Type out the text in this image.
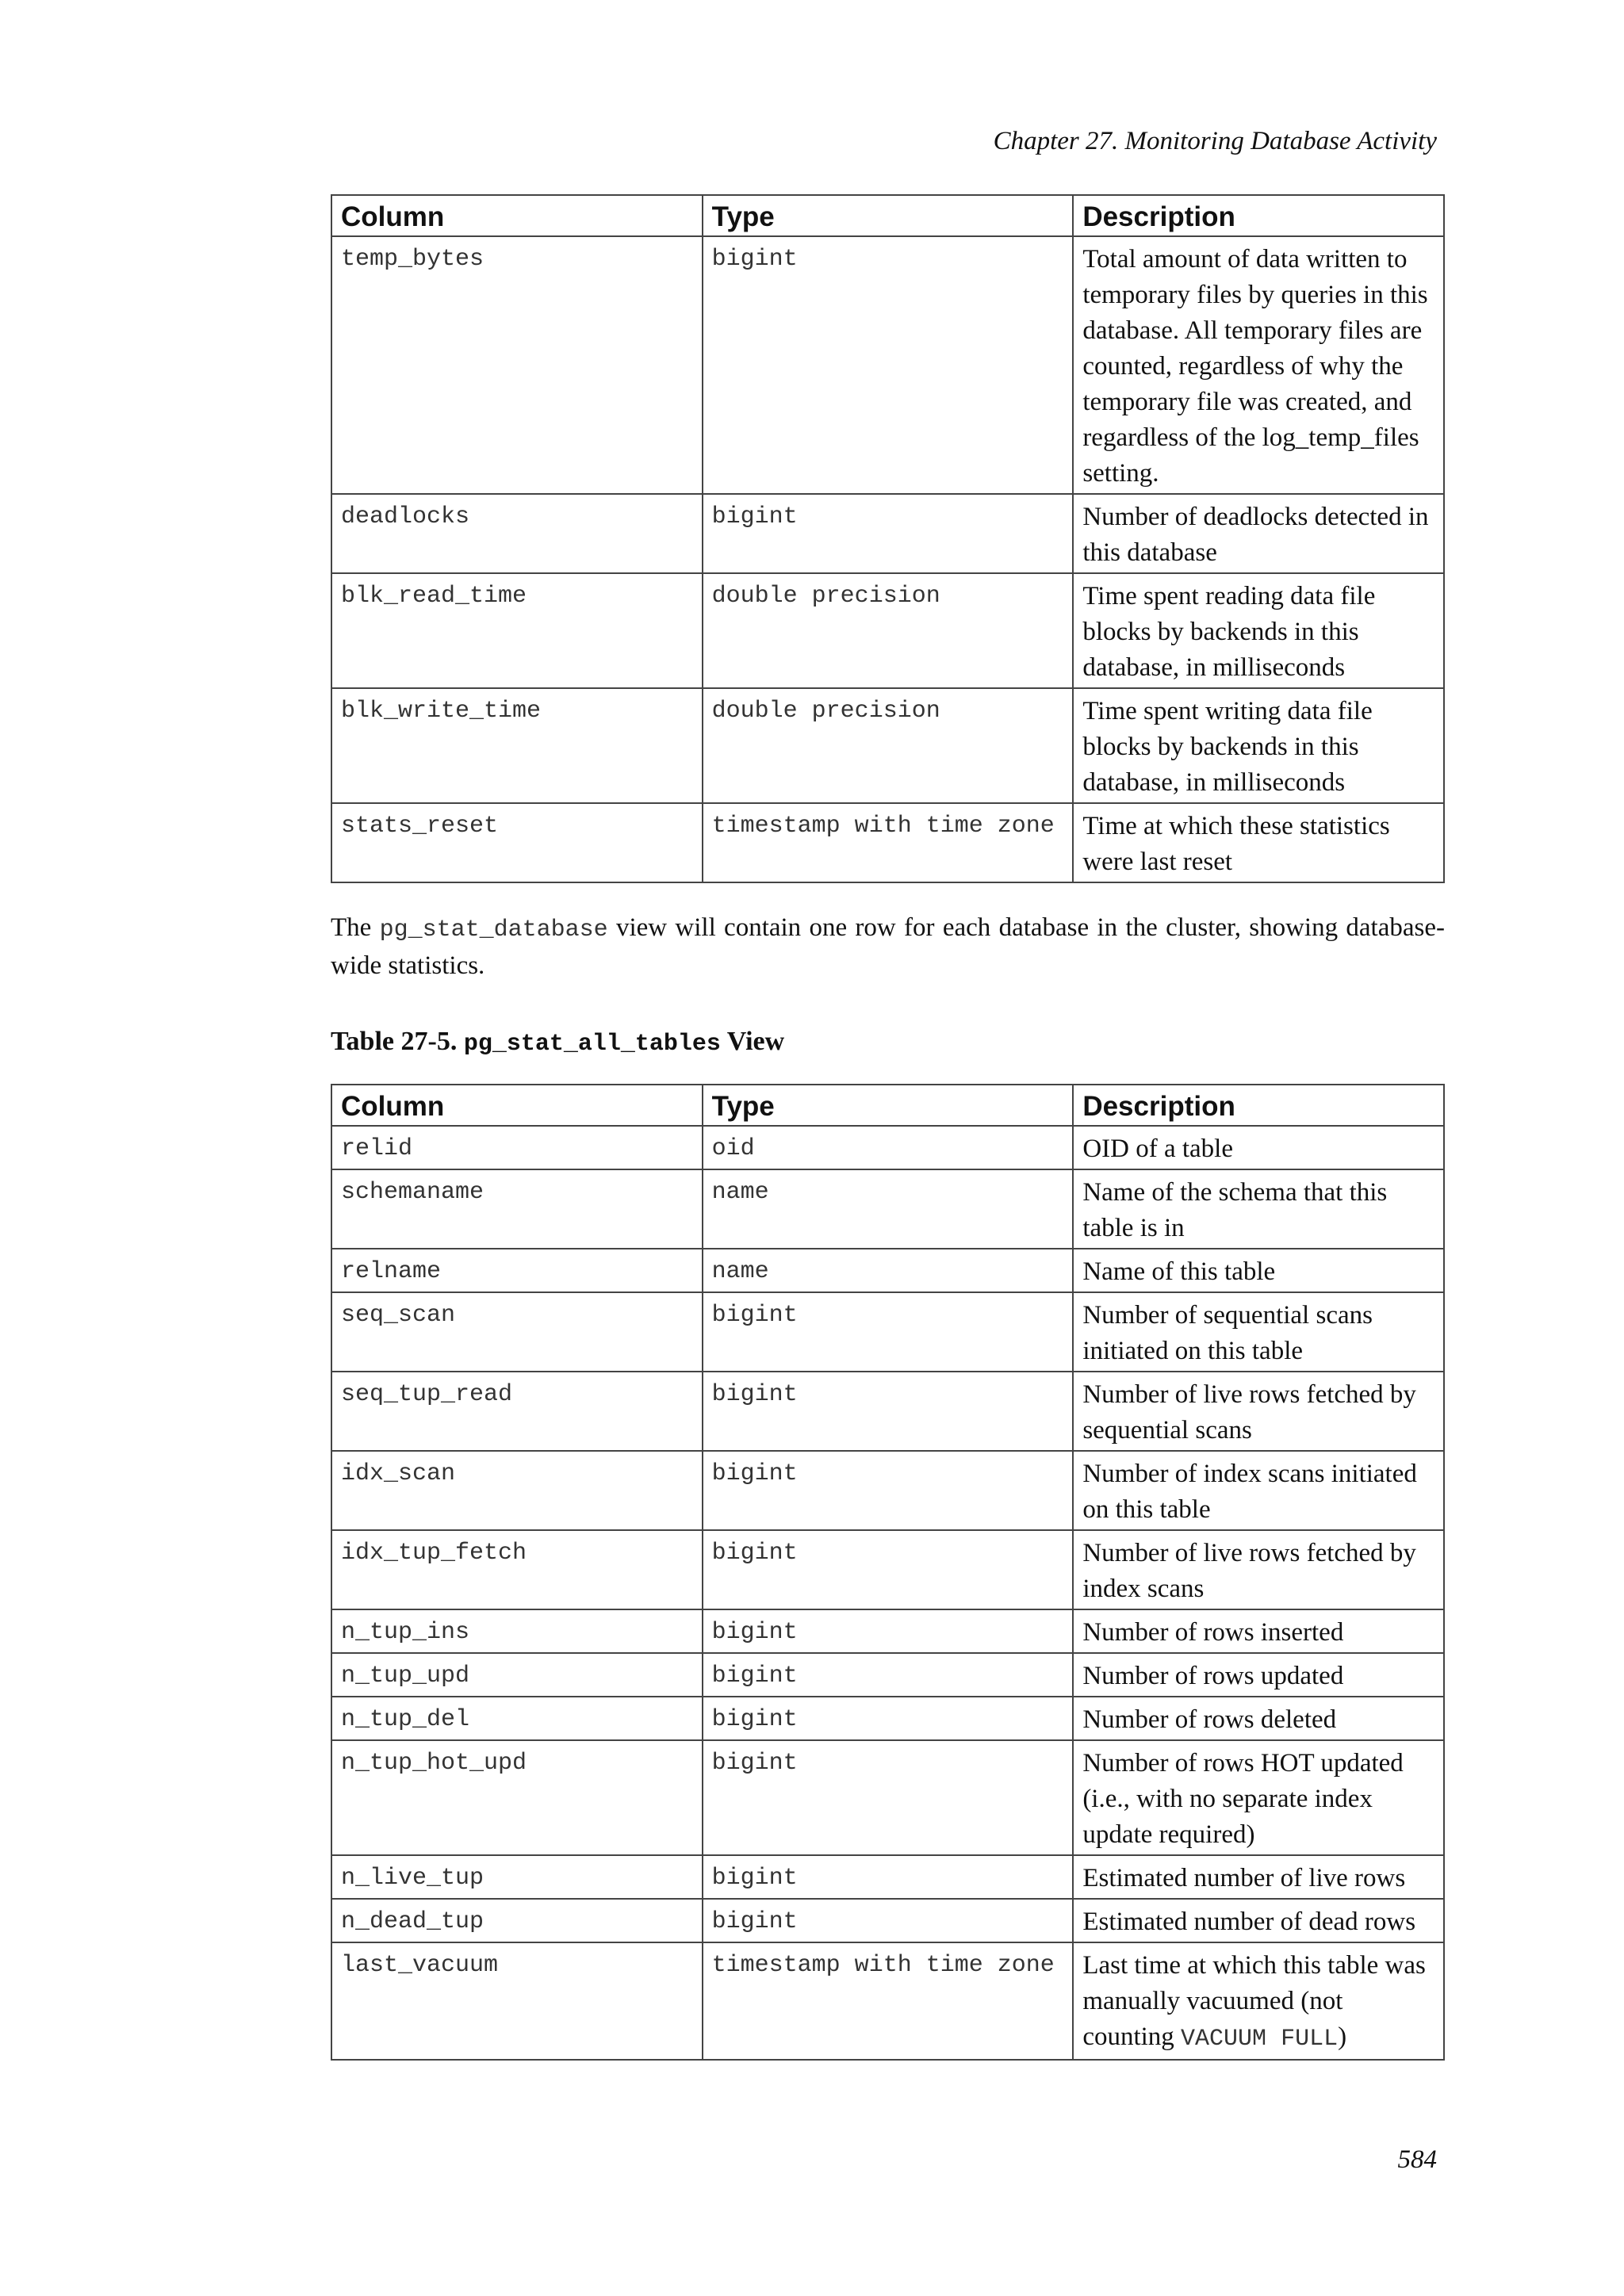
Chapter 27. Monitoring Database Activity
Column	Type	Description
temp_bytes	bigint	Total amount of data written to temporary files by queries in this database. All temporary files are counted, regardless of why the temporary file was created, and regardless of the log_temp_files setting.
deadlocks	bigint	Number of deadlocks detected in this database
blk_read_time	double precision	Time spent reading data file blocks by backends in this database, in milliseconds
blk_write_time	double precision	Time spent writing data file blocks by backends in this database, in milliseconds
stats_reset	timestamp with time zone	Time at which these statistics were last reset

The pg_stat_database view will contain one row for each database in the cluster, showing database-wide statistics.

Table 27-5. pg_stat_all_tables View
Column	Type	Description
relid	oid	OID of a table
schemaname	name	Name of the schema that this table is in
relname	name	Name of this table
seq_scan	bigint	Number of sequential scans initiated on this table
seq_tup_read	bigint	Number of live rows fetched by sequential scans
idx_scan	bigint	Number of index scans initiated on this table
idx_tup_fetch	bigint	Number of live rows fetched by index scans
n_tup_ins	bigint	Number of rows inserted
n_tup_upd	bigint	Number of rows updated
n_tup_del	bigint	Number of rows deleted
n_tup_hot_upd	bigint	Number of rows HOT updated (i.e., with no separate index update required)
n_live_tup	bigint	Estimated number of live rows
n_dead_tup	bigint	Estimated number of dead rows
last_vacuum	timestamp with time zone	Last time at which this table was manually vacuumed (not counting VACUUM FULL)
584
